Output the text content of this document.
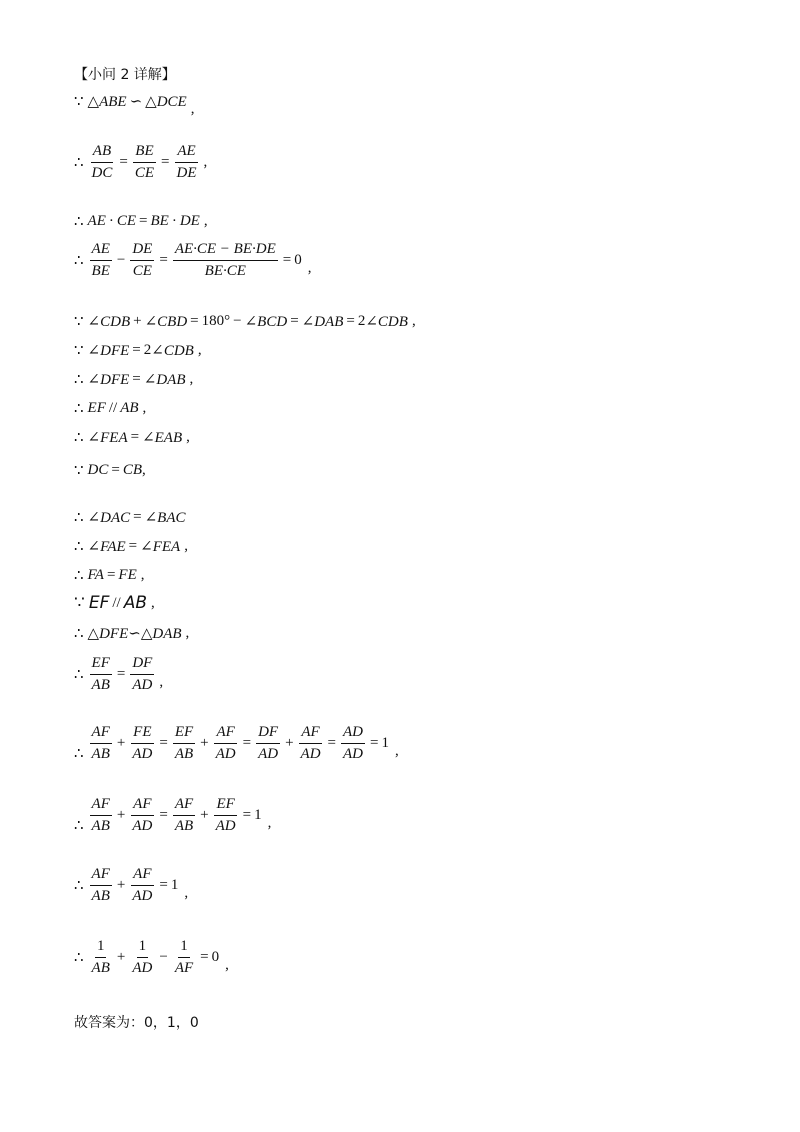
【小问 2 详解】
∵ △ABE ∽ △DCE ,
∴ $\frac{AB}{DC} = \frac{BE}{CE} = \frac{AE}{DE}$ ,
∴ AE · CE = BE · DE ,
∴ $\frac{AE}{BE} - \frac{DE}{CE} = \frac{AE\cdot CE - BE\cdot DE}{BE\cdot CE} = 0$ ,
∵ ∠CDB + ∠CBD = 180° − ∠BCD = ∠DAB = 2 ∠CDB ,
∵ ∠DFE = 2 ∠CDB ,
∴ ∠DFE = ∠DAB ,
∴ EF // AB ,
∴ ∠FEA = ∠EAB ,
∵ DC = CB ,
∴ ∠DAC = ∠BAC
∴ ∠FAE = ∠FEA ,
∴ FA = FE ,
∵ EF // AB ,
∴ △DFE ∽ △DAB ,
∴ $\frac{EF}{AB} = \frac{DF}{AD}$ ,
∴ $\frac{AF}{AB} + \frac{FE}{AD} = \frac{EF}{AB} + \frac{AF}{AD} = \frac{DF}{AD} + \frac{AF}{AD} = \frac{AD}{AD} = 1$ ,
∴ $\frac{AF}{AB} + \frac{AF}{AD} = \frac{AF}{AB} + \frac{EF}{AD} = 1$ ,
∴ $\frac{AF}{AB} + \frac{AF}{AD} = 1$ ,
∴ $\frac{1}{AB} + \frac{1}{AD} - \frac{1}{AF} = 0$ ,
故答案为：0，1，0
